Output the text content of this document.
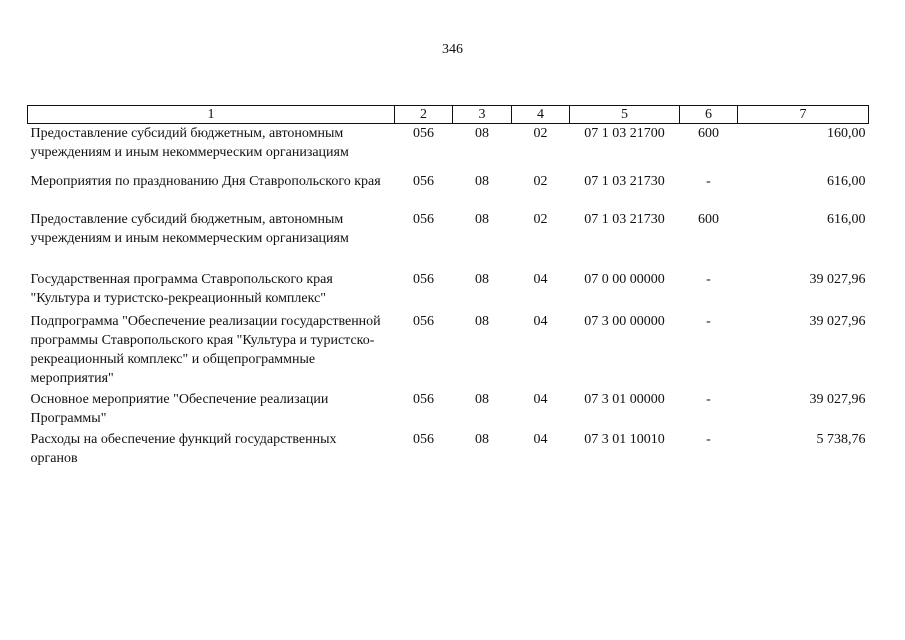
346
1	2	3	4	5	6	7
Предоставление субсидий бюджетным, автономным учреждениям и иным некоммерческим организациям	056	08	02	07 1 03 21700	600	160,00
Мероприятия по празднованию Дня Ставропольского края	056	08	02	07 1 03 21730	-	616,00
Предоставление субсидий бюджетным, автономным учреждениям и иным некоммерческим организациям	056	08	02	07 1 03 21730	600	616,00
Государственная программа Ставропольского края "Культура и туристско-рекреационный комплекс"	056	08	04	07 0 00 00000	-	39 027,96
Подпрограмма "Обеспечение реализации государственной программы Ставропольского края "Культура и туристско-рекреационный комплекс" и общепрограммные мероприятия"	056	08	04	07 3 00 00000	-	39 027,96
Основное мероприятие "Обеспечение реализации Программы"	056	08	04	07 3 01 00000	-	39 027,96
Расходы на обеспечение функций государственных органов	056	08	04	07 3 01 10010	-	5 738,76
